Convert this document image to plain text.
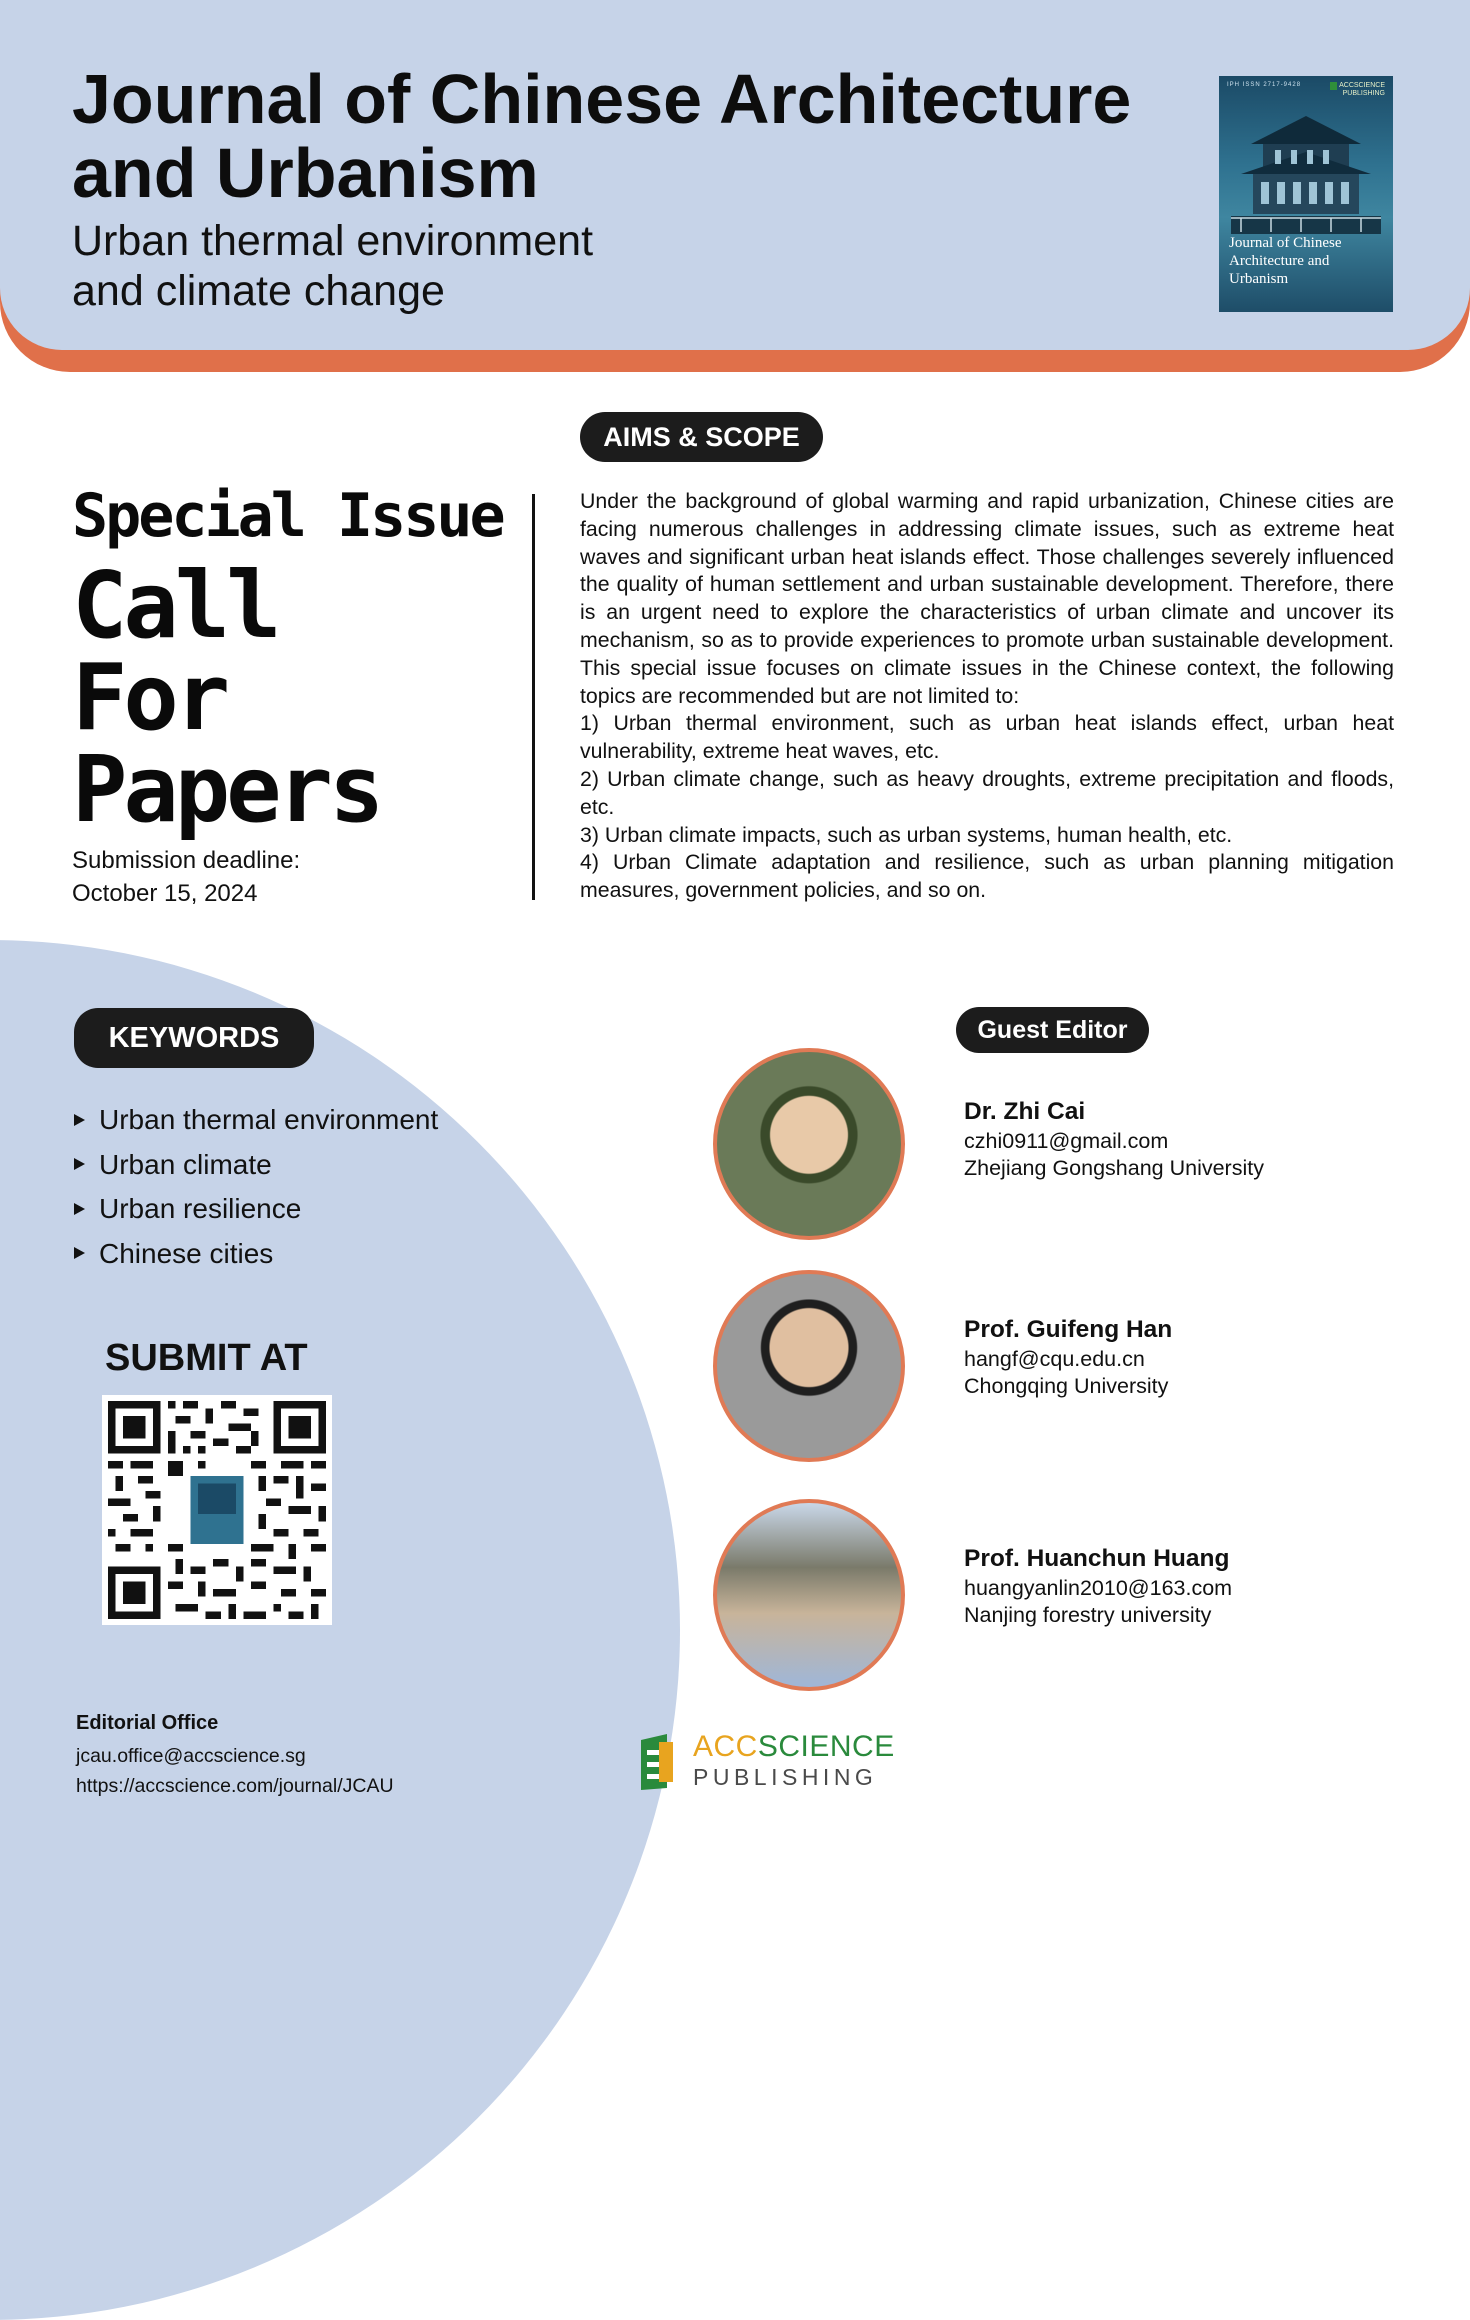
Journal of Chinese Architecture
and Urbanism
Urban thermal environment
and climate change
IPH ISSN 2717-9428	ACCSCIENCE
PUBLISHING
Journal of Chinese
Architecture and
Urbanism
Special Issue
Call
For
Papers
Submission deadline:
October 15, 2024
AIMS & SCOPE

Under the background of global warming and rapid urbanization, Chinese cities are facing numerous challenges in addressing climate issues, such as extreme heat waves and significant urban heat islands effect. Those challenges severely influenced the quality of human settlement and urban sustainable development. Therefore, there is an urgent need to explore the characteristics of urban climate and uncover its mechanism, so as to provide experiences to promote urban sustainable development. This special issue focuses on climate issues in the Chinese context, the following topics are recommended but are not limited to:

1) Urban thermal environment, such as urban heat islands effect, urban heat vulnerability, extreme heat waves, etc.
2) Urban climate change, such as heavy droughts, extreme precipitation and floods, etc.
3) Urban climate impacts, such as urban systems, human health, etc.
4) Urban Climate adaptation and resilience, such as urban planning mitigation measures, government policies, and so on.
KEYWORDS
Urban thermal environment
Urban climate
Urban resilience
Chinese cities
SUBMIT AT
Editorial Office
jcau.office@accscience.sg
https://accscience.com/journal/JCAU
ACCSCIENCE
PUBLISHING
Guest Editor
Dr. Zhi Cai
czhi0911@gmail.com
Zhejiang Gongshang University
Prof. Guifeng Han
hangf@cqu.edu.cn
Chongqing University
Prof. Huanchun Huang
huangyanlin2010@163.com
Nanjing forestry university
